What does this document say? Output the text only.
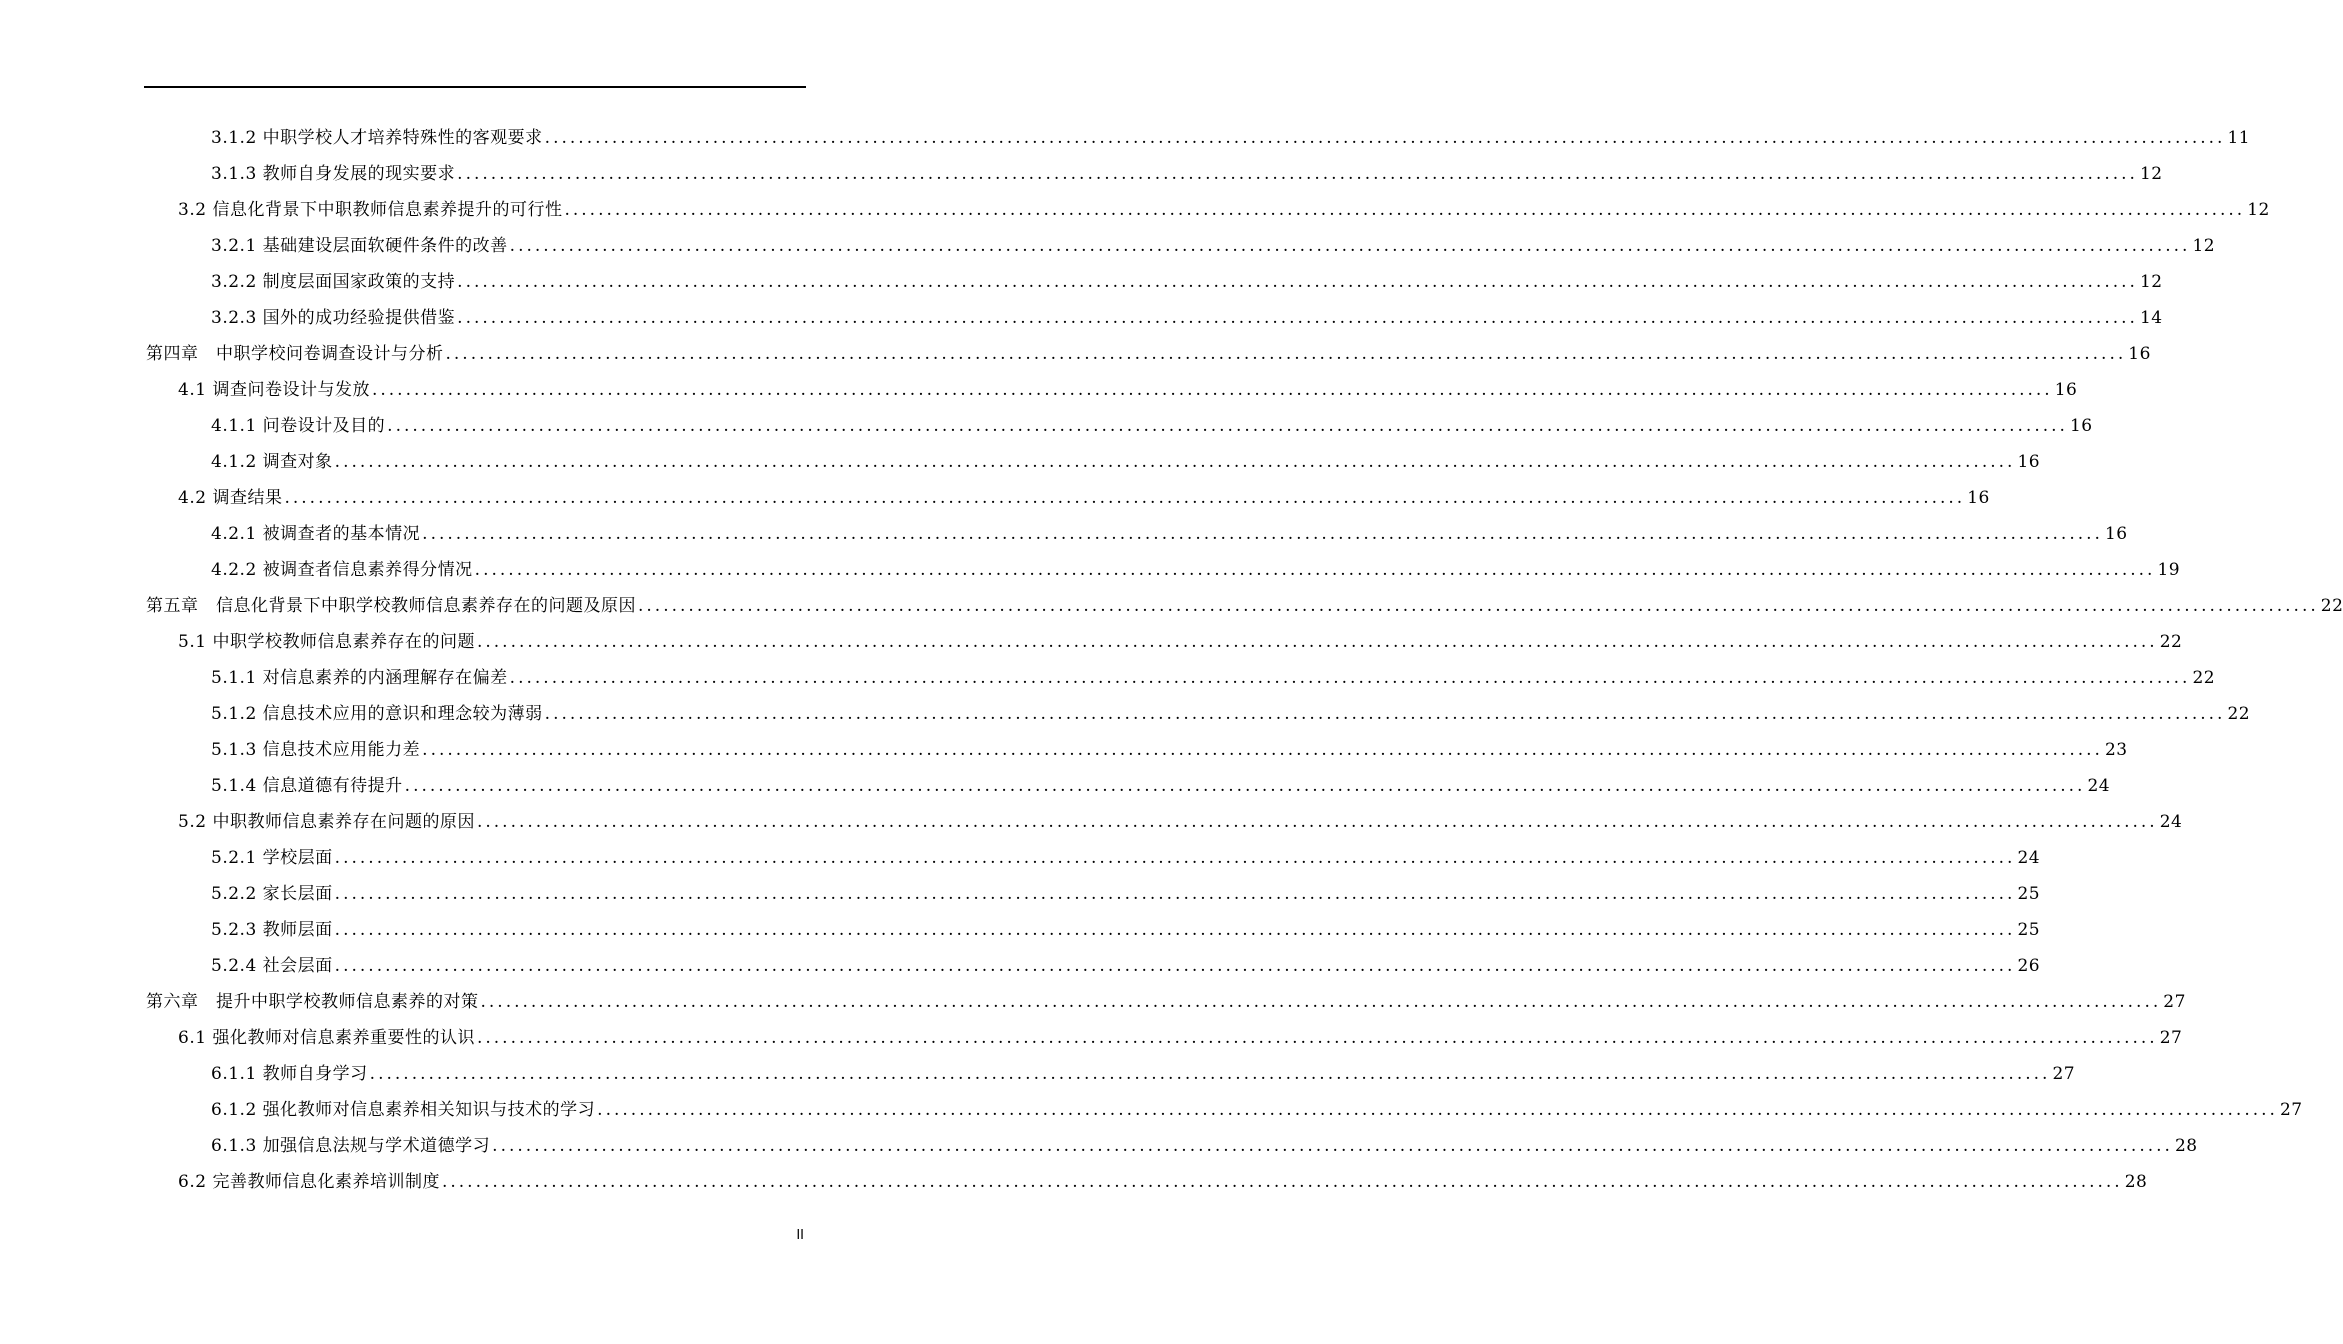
3.1.2 中职学校人才培养特殊性的客观要求 ........................................................................................................................................................................................................ 11
3.1.3 教师自身发展的现实要求 ........................................................................................................................................................................................................ 12
3.2 信息化背景下中职教师信息素养提升的可行性 ........................................................................................................................................................................................................ 12
3.2.1 基础建设层面软硬件条件的改善 ........................................................................................................................................................................................................ 12
3.2.2 制度层面国家政策的支持 ........................................................................................................................................................................................................ 12
3.2.3 国外的成功经验提供借鉴 ........................................................................................................................................................................................................ 14
第四章　中职学校问卷调查设计与分析 ........................................................................................................................................................................................................ 16
4.1 调查问卷设计与发放 ........................................................................................................................................................................................................ 16
4.1.1 问卷设计及目的 ........................................................................................................................................................................................................ 16
4.1.2 调查对象 ........................................................................................................................................................................................................ 16
4.2 调查结果 ........................................................................................................................................................................................................ 16
4.2.1 被调查者的基本情况 ........................................................................................................................................................................................................ 16
4.2.2 被调查者信息素养得分情况 ........................................................................................................................................................................................................ 19
第五章　信息化背景下中职学校教师信息素养存在的问题及原因 ........................................................................................................................................................................................................ 22
5.1 中职学校教师信息素养存在的问题 ........................................................................................................................................................................................................ 22
5.1.1 对信息素养的内涵理解存在偏差 ........................................................................................................................................................................................................ 22
5.1.2 信息技术应用的意识和理念较为薄弱 ........................................................................................................................................................................................................ 22
5.1.3 信息技术应用能力差 ........................................................................................................................................................................................................ 23
5.1.4 信息道德有待提升 ........................................................................................................................................................................................................ 24
5.2 中职教师信息素养存在问题的原因 ........................................................................................................................................................................................................ 24
5.2.1 学校层面 ........................................................................................................................................................................................................ 24
5.2.2 家长层面 ........................................................................................................................................................................................................ 25
5.2.3 教师层面 ........................................................................................................................................................................................................ 25
5.2.4 社会层面 ........................................................................................................................................................................................................ 26
第六章　提升中职学校教师信息素养的对策 ........................................................................................................................................................................................................ 27
6.1 强化教师对信息素养重要性的认识 ........................................................................................................................................................................................................ 27
6.1.1 教师自身学习 ........................................................................................................................................................................................................ 27
6.1.2 强化教师对信息素养相关知识与技术的学习 ........................................................................................................................................................................................................ 27
6.1.3 加强信息法规与学术道德学习 ........................................................................................................................................................................................................ 28
6.2 完善教师信息化素养培训制度 ........................................................................................................................................................................................................ 28
II
